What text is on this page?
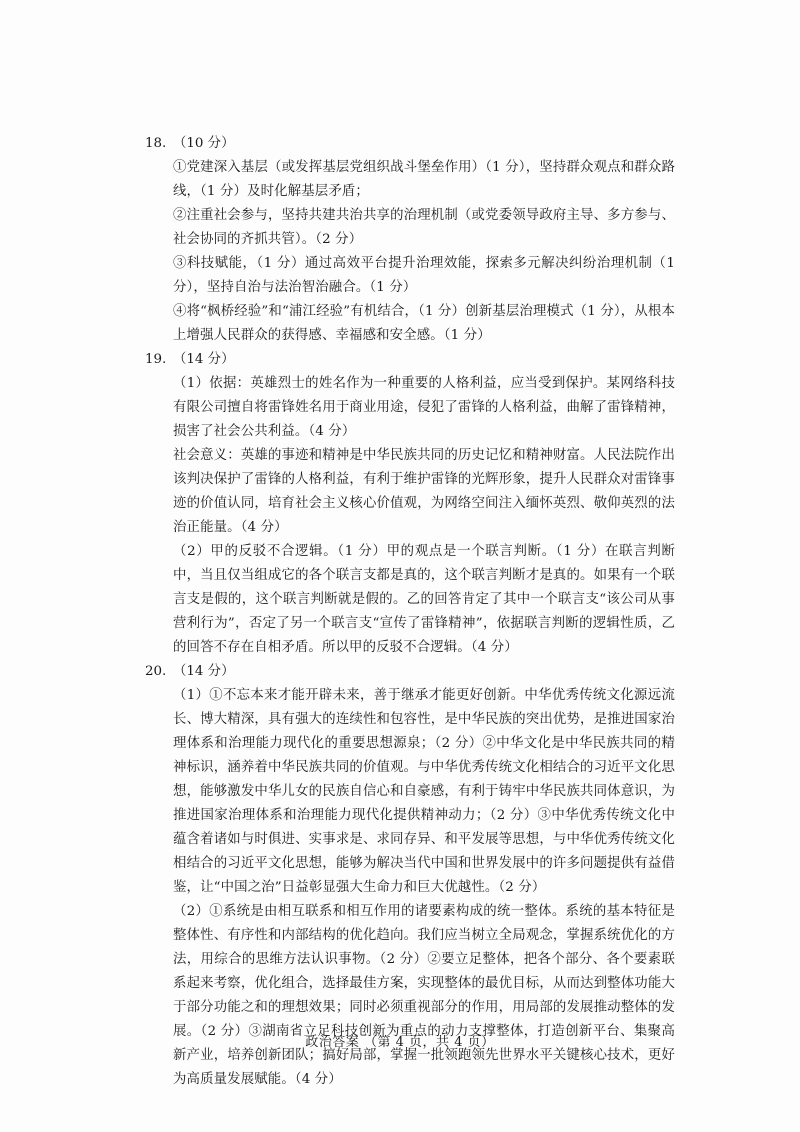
18. （10 分）

①党建深入基层（或发挥基层党组织战斗堡垒作用）（1 分），坚持群众观点和群众路线，（1 分）及时化解基层矛盾；

②注重社会参与，坚持共建共治共享的治理机制（或党委领导政府主导、多方参与、社会协同的齐抓共管）。（2 分）

③科技赋能，（1 分）通过高效平台提升治理效能，探索多元解决纠纷治理机制（1 分），坚持自治与法治智治融合。（1 分）

④将“枫桥经验”和“浦江经验”有机结合，（1 分）创新基层治理模式（1 分），从根本上增强人民群众的获得感、幸福感和安全感。（1 分）

19. （14 分）

（1）依据：英雄烈士的姓名作为一种重要的人格利益，应当受到保护。某网络科技有限公司擅自将雷锋姓名用于商业用途，侵犯了雷锋的人格利益，曲解了雷锋精神，损害了社会公共利益。（4 分）

社会意义：英雄的事迹和精神是中华民族共同的历史记忆和精神财富。人民法院作出该判决保护了雷锋的人格利益，有利于维护雷锋的光辉形象，提升人民群众对雷锋事迹的价值认同，培育社会主义核心价值观，为网络空间注入缅怀英烈、敬仰英烈的法治正能量。（4 分）

（2）甲的反驳不合逻辑。（1 分）甲的观点是一个联言判断。（1 分）在联言判断中，当且仅当组成它的各个联言支都是真的，这个联言判断才是真的。如果有一个联言支是假的，这个联言判断就是假的。乙的回答肯定了其中一个联言支“该公司从事营利行为”，否定了另一个联言支“宣传了雷锋精神”，依据联言判断的逻辑性质，乙的回答不存在自相矛盾。所以甲的反驳不合逻辑。（4 分）

20. （14 分）

（1）①不忘本来才能开辟未来，善于继承才能更好创新。中华优秀传统文化源远流长、博大精深，具有强大的连续性和包容性，是中华民族的突出优势，是推进国家治理体系和治理能力现代化的重要思想源泉；（2 分）②中华文化是中华民族共同的精神标识，涵养着中华民族共同的价值观。与中华优秀传统文化相结合的习近平文化思想，能够激发中华儿女的民族自信心和自豪感，有利于铸牢中华民族共同体意识，为推进国家治理体系和治理能力现代化提供精神动力；（2 分）③中华优秀传统文化中蕴含着诸如与时俱进、实事求是、求同存异、和平发展等思想，与中华优秀传统文化相结合的习近平文化思想，能够为解决当代中国和世界发展中的许多问题提供有益借鉴，让“中国之治”日益彰显强大生命力和巨大优越性。（2 分）

（2）①系统是由相互联系和相互作用的诸要素构成的统一整体。系统的基本特征是整体性、有序性和内部结构的优化趋向。我们应当树立全局观念，掌握系统优化的方法，用综合的思维方法认识事物。（2 分）②要立足整体，把各个部分、各个要素联系起来考察，优化组合，选择最佳方案，实现整体的最优目标，从而达到整体功能大于部分功能之和的理想效果；同时必须重视部分的作用，用局部的发展推动整体的发展。（2 分）③湖南省立足科技创新为重点的动力支撑整体，打造创新平台、集聚高新产业，培养创新团队；搞好局部，掌握一批领跑领先世界水平关键核心技术，更好为高质量发展赋能。（4 分）

政治答案 （第 4 页，共 4 页）
